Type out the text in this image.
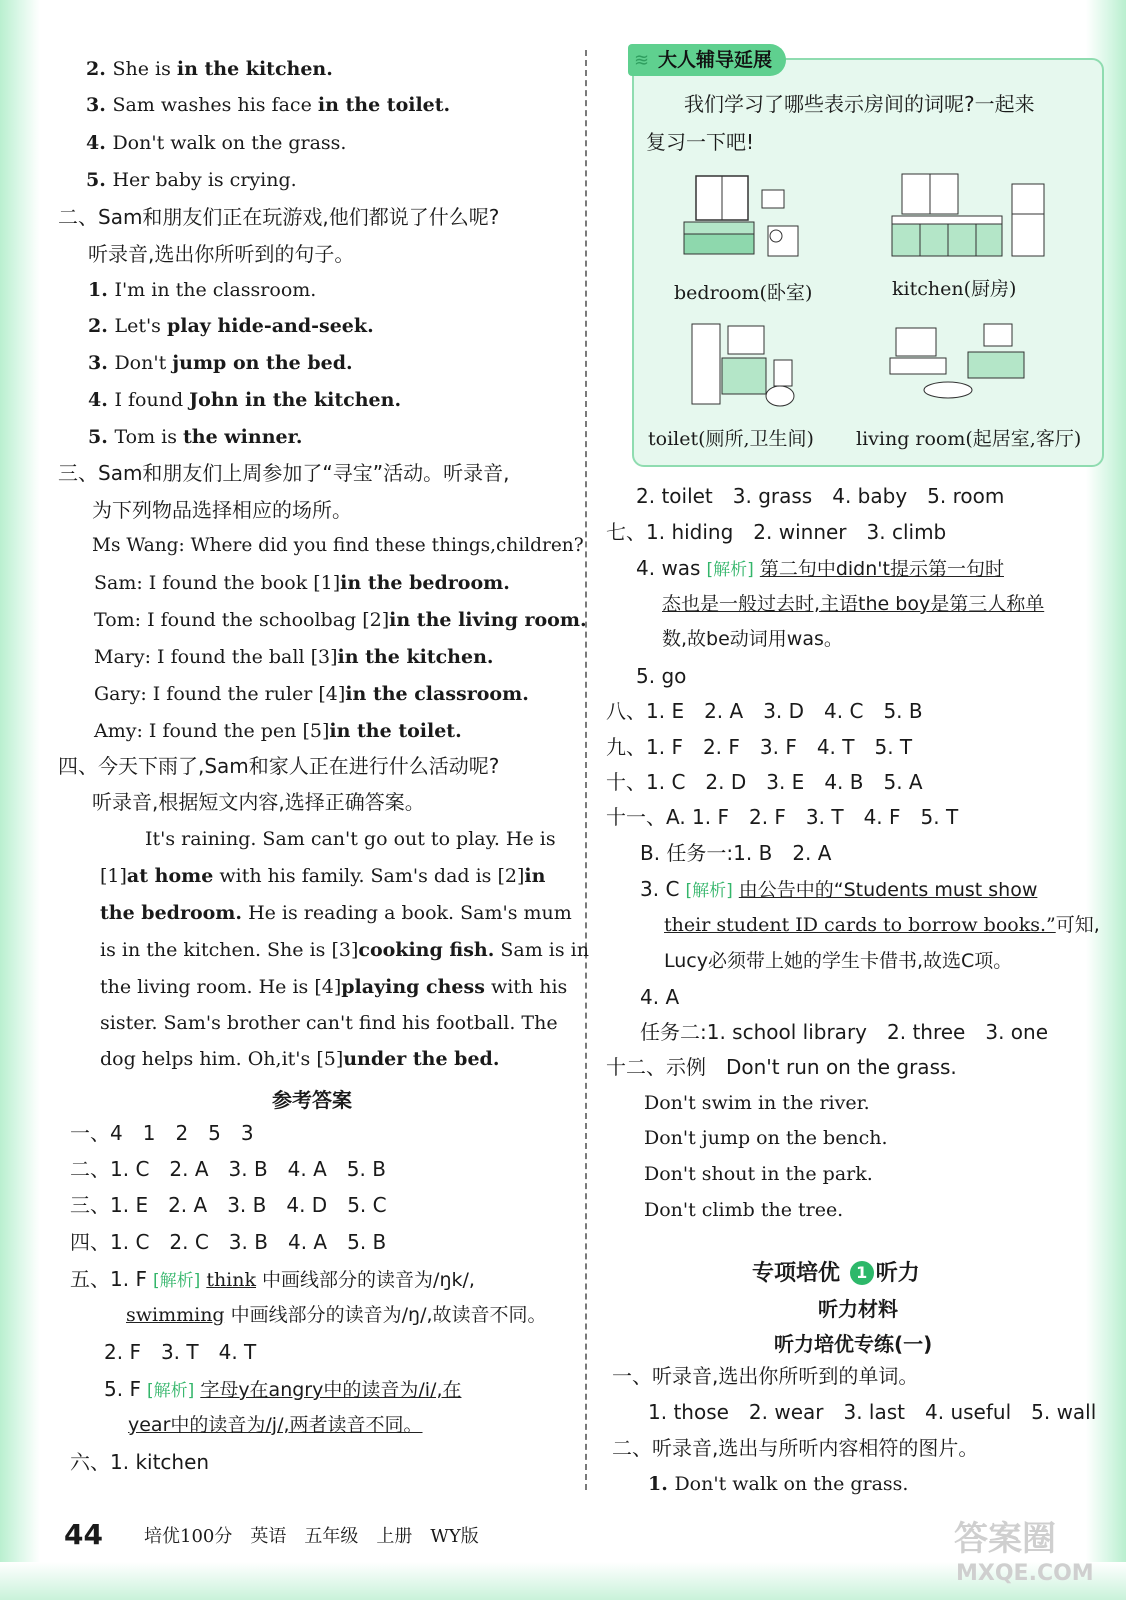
2. She is in the kitchen.
3. Sam washes his face in the toilet.
4. Don't walk on the grass.
5. Her baby is crying.
二、Sam和朋友们正在玩游戏,他们都说了什么呢?
听录音,选出你所听到的句子。
1. I'm in the classroom.
2. Let's play hide-and-seek.
3. Don't jump on the bed.
4. I found John in the kitchen.
5. Tom is the winner.
三、Sam和朋友们上周参加了“寻宝”活动。听录音,
为下列物品选择相应的场所。
Ms Wang: Where did you find these things,children?
Sam: I found the book [1]in the bedroom.
Tom: I found the schoolbag [2]in the living room.
Mary: I found the ball [3]in the kitchen.
Gary: I found the ruler [4]in the classroom.
Amy: I found the pen [5]in the toilet.
四、今天下雨了,Sam和家人正在进行什么活动呢?
听录音,根据短文内容,选择正确答案。
It's raining. Sam can't go out to play. He is
[1]at home with his family. Sam's dad is [2]in
the bedroom. He is reading a book. Sam's mum
is in the kitchen. She is [3]cooking fish. Sam is in
the living room. He is [4]playing chess with his
sister. Sam's brother can't find his football. The
dog helps him. Oh,it's [5]under the bed.
参考答案
一、4　1　2　5　3
二、1. C　2. A　3. B　4. A　5. B
三、1. E　2. A　3. B　4. D　5. C
四、1. C　2. C　3. B　4. A　5. B
五、1. F [解析] think 中画线部分的读音为/ŋk/,
swimming 中画线部分的读音为/ŋ/,故读音不同。
2. F　3. T　4. T
5. F [解析] 字母y在angry中的读音为/i/,在
year中的读音为/j/,两者读音不同。
六、1. kitchen
大人辅导延展
≋
我们学习了哪些表示房间的词呢?一起来
复习一下吧!
bedroom(卧室)	kitchen(厨房)
toilet(厕所,卫生间) living room(起居室,客厅)
2. toilet　3. grass　4. baby　5. room
七、1. hiding　2. winner　3. climb
4. was [解析] 第二句中didn't提示第一句时
态也是一般过去时,主语the boy是第三人称单
数,故be动词用was。
5. go
八、1. E　2. A　3. D　4. C　5. B
九、1. F　2. F　3. F　4. T　5. T
十、1. C　2. D　3. E　4. B　5. A
十一、A. 1. F　2. F　3. T　4. F　5. T
B. 任务一:1. B　2. A
3. C [解析] 由公告中的“Students must show
their student ID cards to borrow books.”可知,
Lucy必须带上她的学生卡借书,故选C项。
4. A
任务二:1. school library　2. three　3. one
十二、示例　Don't run on the grass.
Don't swim in the river.
Don't jump on the bench.
Don't shout in the park.
Don't climb the tree.
专项培优 1 听力
听力材料
听力培优专练(一)
一、听录音,选出你所听到的单词。
1. those　2. wear　3. last　4. useful　5. wall
二、听录音,选出与所听内容相符的图片。
1. Don't walk on the grass.
44 培优100分　英语　五年级　上册　WY版	答案圈
MXQE.COM
